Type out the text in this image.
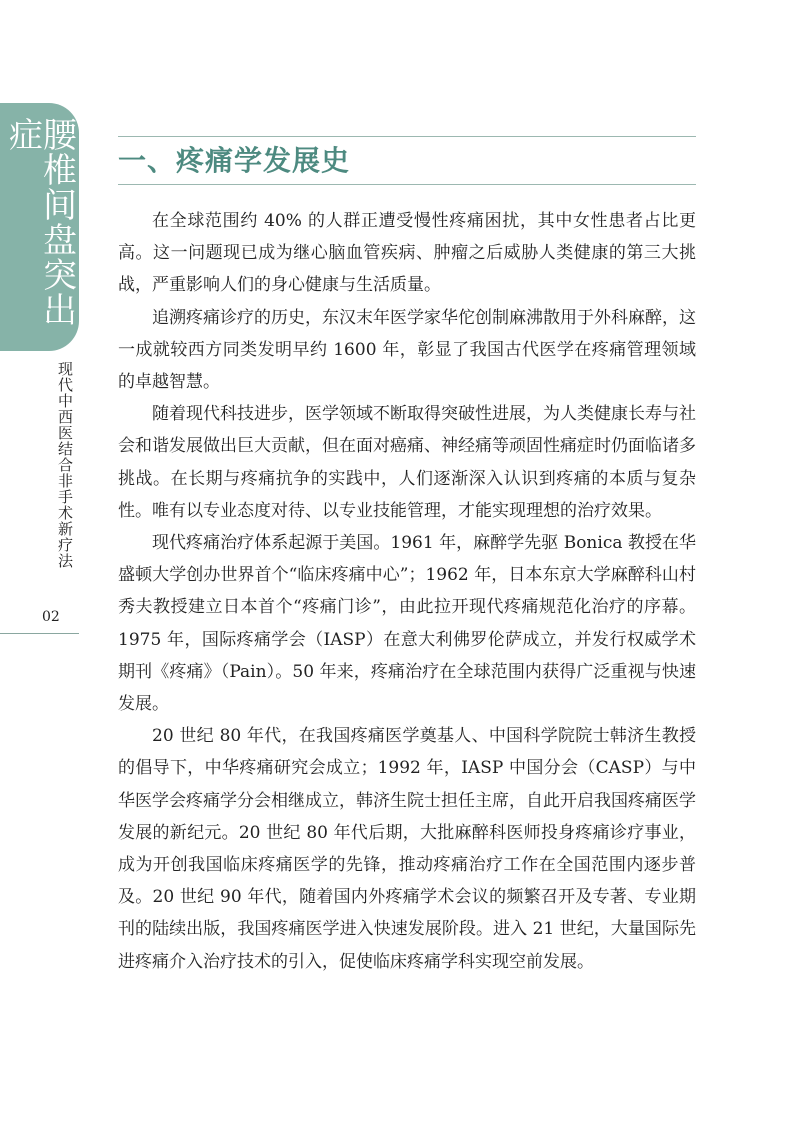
腰椎间盘突出症
现代中西医结合非手术新疗法
02
一、疼痛学发展史

在全球范围约 40% 的人群正遭受慢性疼痛困扰，其中女性患者占比更高。这一问题现已成为继心脑血管疾病、肿瘤之后威胁人类健康的第三大挑战，严重影响人们的身心健康与生活质量。

追溯疼痛诊疗的历史，东汉末年医学家华佗创制麻沸散用于外科麻醉，这一成就较西方同类发明早约 1600 年，彰显了我国古代医学在疼痛管理领域的卓越智慧。

随着现代科技进步，医学领域不断取得突破性进展，为人类健康长寿与社会和谐发展做出巨大贡献，但在面对癌痛、神经痛等顽固性痛症时仍面临诸多挑战。在长期与疼痛抗争的实践中，人们逐渐深入认识到疼痛的本质与复杂性。唯有以专业态度对待、以专业技能管理，才能实现理想的治疗效果。

现代疼痛治疗体系起源于美国。1961 年，麻醉学先驱 Bonica 教授在华盛顿大学创办世界首个“临床疼痛中心”；1962 年，日本东京大学麻醉科山村秀夫教授建立日本首个“疼痛门诊”，由此拉开现代疼痛规范化治疗的序幕。1975 年，国际疼痛学会（IASP）在意大利佛罗伦萨成立，并发行权威学术期刊《疼痛》（Pain）。50 年来，疼痛治疗在全球范围内获得广泛重视与快速发展。

20 世纪 80 年代，在我国疼痛医学奠基人、中国科学院院士韩济生教授的倡导下，中华疼痛研究会成立；1992 年，IASP 中国分会（CASP）与中华医学会疼痛学分会相继成立，韩济生院士担任主席，自此开启我国疼痛医学发展的新纪元。20 世纪 80 年代后期，大批麻醉科医师投身疼痛诊疗事业，成为开创我国临床疼痛医学的先锋，推动疼痛治疗工作在全国范围内逐步普及。20 世纪 90 年代，随着国内外疼痛学术会议的频繁召开及专著、专业期刊的陆续出版，我国疼痛医学进入快速发展阶段。进入 21 世纪，大量国际先进疼痛介入治疗技术的引入，促使临床疼痛学科实现空前发展。
